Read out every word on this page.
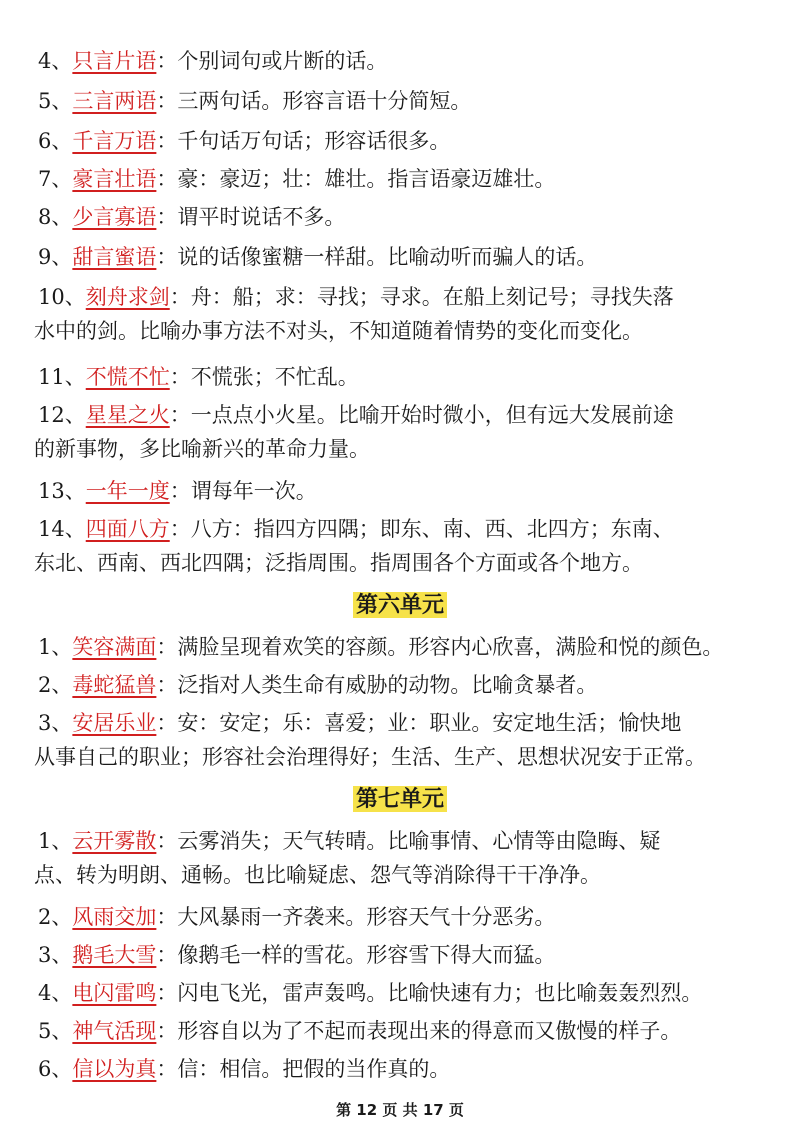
4、只言片语：个别词句或片断的话。
5、三言两语：三两句话。形容言语十分简短。
6、千言万语：千句话万句话；形容话很多。
7、豪言壮语：豪：豪迈；壮：雄壮。指言语豪迈雄壮。
8、少言寡语：谓平时说话不多。
9、甜言蜜语：说的话像蜜糖一样甜。比喻动听而骗人的话。
10、刻舟求剑：舟：船；求：寻找；寻求。在船上刻记号；寻找失落
水中的剑。比喻办事方法不对头，不知道随着情势的变化而变化。
11、不慌不忙：不慌张；不忙乱。
12、星星之火：一点点小火星。比喻开始时微小，但有远大发展前途
的新事物，多比喻新兴的革命力量。
13、一年一度：谓每年一次。
14、四面八方：八方：指四方四隅；即东、南、西、北四方；东南、
东北、西南、西北四隅；泛指周围。指周围各个方面或各个地方。
第六单元
1、笑容满面：满脸呈现着欢笑的容颜。形容内心欣喜，满脸和悦的颜色。
2、毒蛇猛兽：泛指对人类生命有威胁的动物。比喻贪暴者。
3、安居乐业：安：安定；乐：喜爱；业：职业。安定地生活；愉快地
从事自己的职业；形容社会治理得好；生活、生产、思想状况安于正常。
第七单元
1、云开雾散：云雾消失；天气转晴。比喻事情、心情等由隐晦、疑
点、转为明朗、通畅。也比喻疑虑、怨气等消除得干干净净。
2、风雨交加：大风暴雨一齐袭来。形容天气十分恶劣。
3、鹅毛大雪：像鹅毛一样的雪花。形容雪下得大而猛。
4、电闪雷鸣：闪电飞光，雷声轰鸣。比喻快速有力；也比喻轰轰烈烈。
5、神气活现：形容自以为了不起而表现出来的得意而又傲慢的样子。
6、信以为真：信：相信。把假的当作真的。
第 12 页 共 17 页
